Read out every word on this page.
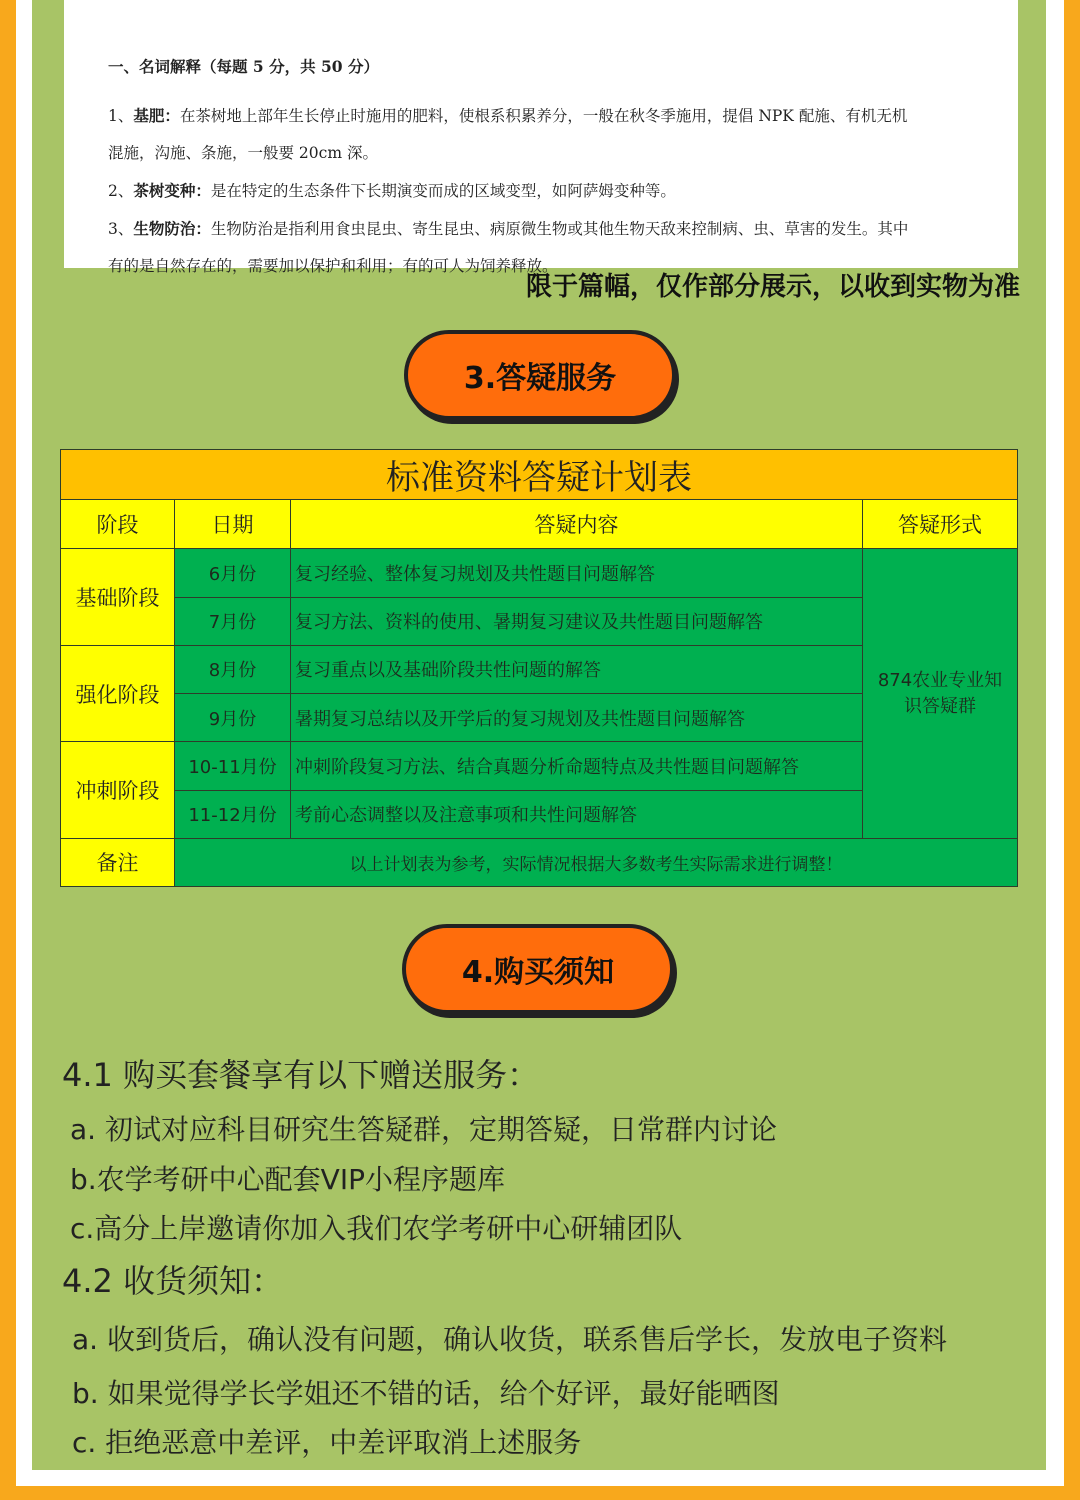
一、名词解释（每题 5 分，共 50 分）

1、基肥：在茶树地上部年生长停止时施用的肥料，使根系积累养分，一般在秋冬季施用，提倡 NPK 配施、有机无机

混施，沟施、条施，一般要 20cm 深。

2、茶树变种：是在特定的生态条件下长期演变而成的区域变型，如阿萨姆变种等。

3、生物防治：生物防治是指利用食虫昆虫、寄生昆虫、病原微生物或其他生物天敌来控制病、虫、草害的发生。其中

有的是自然存在的，需要加以保护和利用；有的可人为饲养释放。

限于篇幅，仅作部分展示，以收到实物为准
3.答疑服务
标准资料答疑计划表			
阶段	日期	答疑内容	答疑形式
基础阶段	6月份	复习经验、整体复习规划及共性题目问题解答	874农业专业知识答疑群
	7月份	复习方法、资料的使用、暑期复习建议及共性题目问题解答	
强化阶段	8月份	复习重点以及基础阶段共性问题的解答	
	9月份	暑期复习总结以及开学后的复习规划及共性题目问题解答	
冲刺阶段	10-11月份	冲刺阶段复习方法、结合真题分析命题特点及共性题目问题解答	
	11-12月份	考前心态调整以及注意事项和共性问题解答	
备注	以上计划表为参考，实际情况根据大多数考生实际需求进行调整！		
4.购买须知

4.1 购买套餐享有以下赠送服务：

a. 初试对应科目研究生答疑群，定期答疑，日常群内讨论

b.农学考研中心配套VIP小程序题库

c.高分上岸邀请你加入我们农学考研中心研辅团队

4.2 收货须知：

a. 收到货后，确认没有问题，确认收货，联系售后学长，发放电子资料

b. 如果觉得学长学姐还不错的话，给个好评，最好能晒图

c. 拒绝恶意中差评，中差评取消上述服务
